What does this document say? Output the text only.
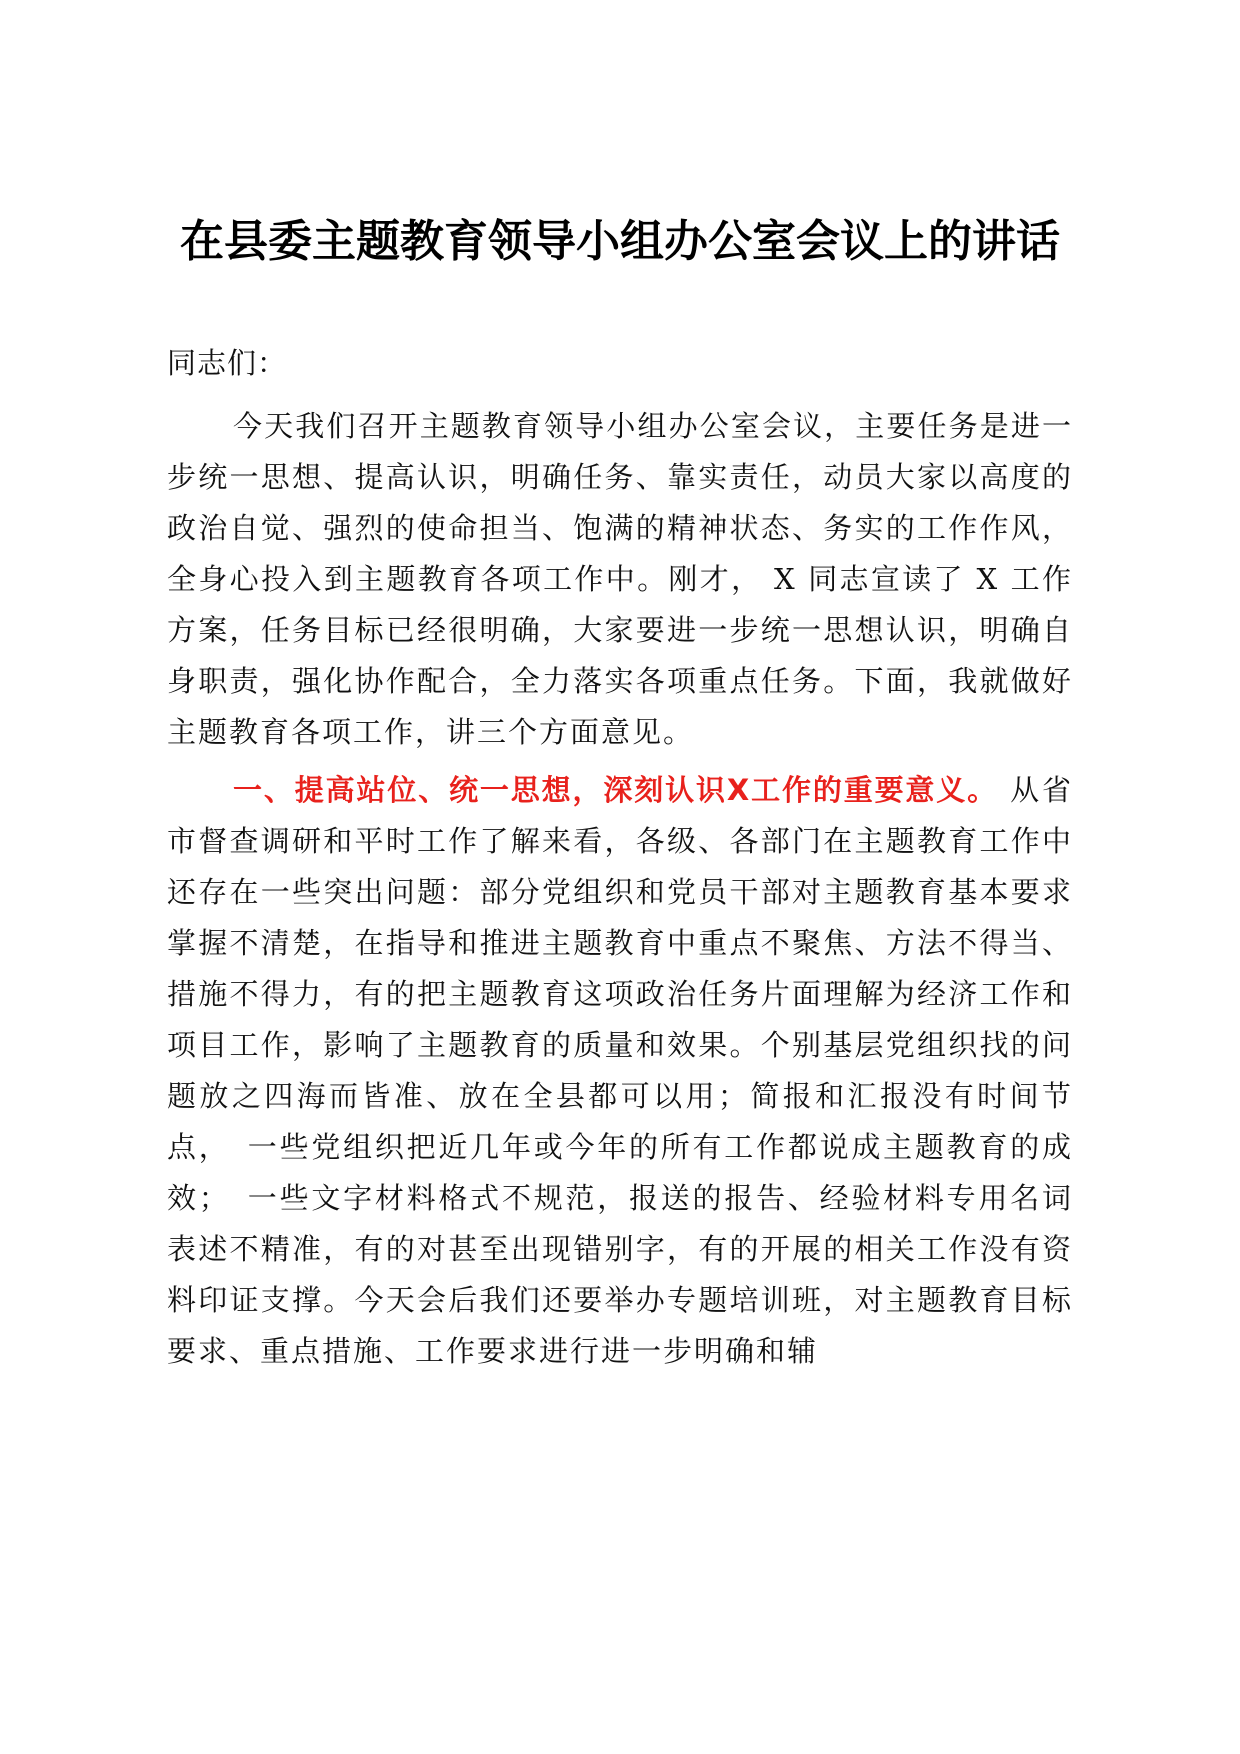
在县委主题教育领导小组办公室会议上的讲话
同志们：

今天我们召开主题教育领导小组办公室会议，主要任务是进一步统一思想、提高认识，明确任务、靠实责任，动员大家以高度的政治自觉、强烈的使命担当、饱满的精神状态、务实的工作作风，全身心投入到主题教育各项工作中。刚才， X 同志宣读了 X 工作方案，任务目标已经很明确，大家要进一步统一思想认识，明确自身职责，强化协作配合，全力落实各项重点任务。下面，我就做好主题教育各项工作，讲三个方面意见。

一、提高站位、统一思想，深刻认识X工作的重要意义。 从省市督查调研和平时工作了解来看，各级、各部门在主题教育工作中还存在一些突出问题：部分党组织和党员干部对主题教育基本要求掌握不清楚，在指导和推进主题教育中重点不聚焦、方法不得当、措施不得力，有的把主题教育这项政治任务片面理解为经济工作和项目工作，影响了主题教育的质量和效果。个别基层党组织找的问题放之四海而皆准、放在全县都可以用；简报和汇报没有时间节点，　一些党组织把近几年或今年的所有工作都说成主题教育的成效；　一些文字材料格式不规范，报送的报告、经验材料专用名词表述不精准，有的对甚至出现错别字，有的开展的相关工作没有资料印证支撑。今天会后我们还要举办专题培训班，对主题教育目标要求、重点措施、工作要求进行进一步明确和辅
